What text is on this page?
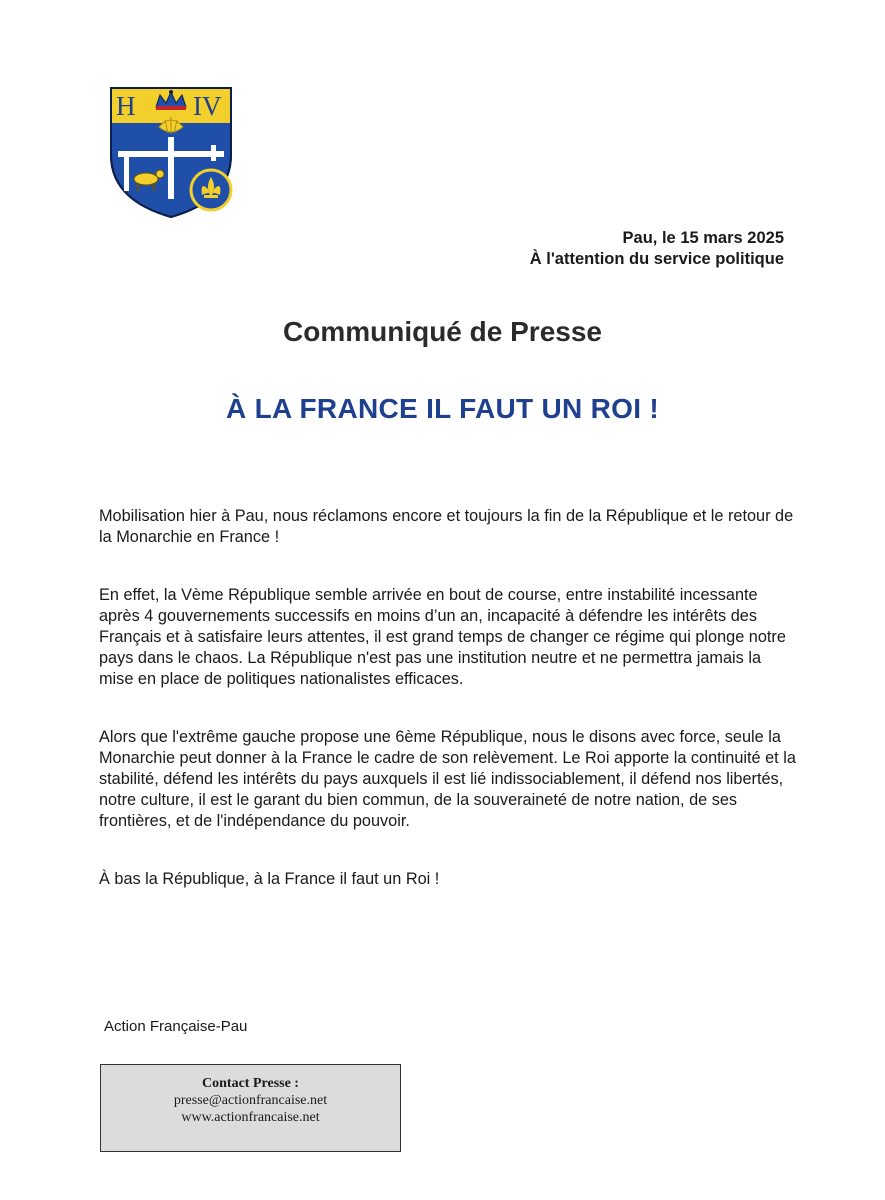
H IV
Pau, le 15 mars 2025
À l'attention du service politique
Communiqué de Presse
À LA FRANCE IL FAUT UN ROI !

Mobilisation hier à Pau, nous réclamons encore et toujours la fin de la République et le retour de la Monarchie en France !

En effet, la Vème République semble arrivée en bout de course, entre instabilité incessante après 4 gouvernements successifs en moins d’un an, incapacité à défendre les intérêts des Français et à satisfaire leurs attentes, il est grand temps de changer ce régime qui plonge notre pays dans le chaos. La République n'est pas une institution neutre et ne permettra jamais la mise en place de politiques nationalistes efficaces.

Alors que l'extrême gauche propose une 6ème République, nous le disons avec force, seule la Monarchie peut donner à la France le cadre de son relèvement. Le Roi apporte la continuité et la stabilité, défend les intérêts du pays auxquels il est lié indissociablement, il défend nos libertés, notre culture, il est le garant du bien commun, de la souveraineté de notre nation, de ses frontières, et de l'indépendance du pouvoir.

À bas la République, à la France il faut un Roi !

Action Française-Pau
Contact Presse :
presse@actionfrancaise.net
www.actionfrancaise.net
